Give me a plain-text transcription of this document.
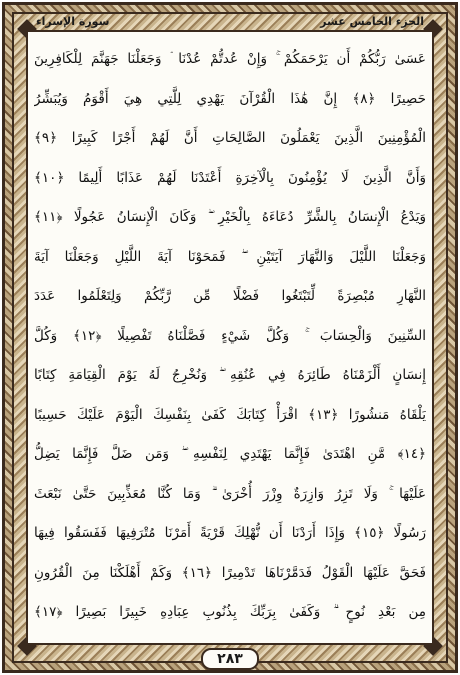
سورة الإسراء	الجزء الخامس عشر
عَسَىٰ رَبُّكُمْ أَن يَرْحَمَكُمْ ۚ وَإِنْ عُدتُّمْ عُدْنَا ۘ وَجَعَلْنَا جَهَنَّمَ لِلْكَافِرِينَ
حَصِيرًا ﴿٨﴾ إِنَّ هَٰذَا الْقُرْآنَ يَهْدِي لِلَّتِي هِيَ أَقْوَمُ وَيُبَشِّرُ
الْمُؤْمِنِينَ الَّذِينَ يَعْمَلُونَ الصَّالِحَاتِ أَنَّ لَهُمْ أَجْرًا كَبِيرًا ﴿٩﴾
وَأَنَّ الَّذِينَ لَا يُؤْمِنُونَ بِالْآخِرَةِ أَعْتَدْنَا لَهُمْ عَذَابًا أَلِيمًا ﴿١٠﴾
وَيَدْعُ الْإِنسَانُ بِالشَّرِّ دُعَاءَهُ بِالْخَيْرِ ۖ وَكَانَ الْإِنسَانُ عَجُولًا ﴿١١﴾
وَجَعَلْنَا اللَّيْلَ وَالنَّهَارَ آيَتَيْنِ ۖ فَمَحَوْنَا آيَةَ اللَّيْلِ وَجَعَلْنَا آيَةَ
النَّهَارِ مُبْصِرَةً لِّتَبْتَغُوا فَضْلًا مِّن رَّبِّكُمْ وَلِتَعْلَمُوا عَدَدَ
السِّنِينَ وَالْحِسَابَ ۚ وَكُلَّ شَيْءٍ فَصَّلْنَاهُ تَفْصِيلًا ﴿١٢﴾ وَكُلَّ
إِنسَانٍ أَلْزَمْنَاهُ طَائِرَهُ فِي عُنُقِهِ ۖ وَنُخْرِجُ لَهُ يَوْمَ الْقِيَامَةِ كِتَابًا
يَلْقَاهُ مَنشُورًا ﴿١٣﴾ اقْرَأْ كِتَابَكَ كَفَىٰ بِنَفْسِكَ الْيَوْمَ عَلَيْكَ حَسِيبًا
﴿١٤﴾ مَّنِ اهْتَدَىٰ فَإِنَّمَا يَهْتَدِي لِنَفْسِهِ ۖ وَمَن ضَلَّ فَإِنَّمَا يَضِلُّ
عَلَيْهَا ۚ وَلَا تَزِرُ وَازِرَةٌ وِزْرَ أُخْرَىٰ ۗ وَمَا كُنَّا مُعَذِّبِينَ حَتَّىٰ نَبْعَثَ
رَسُولًا ﴿١٥﴾ وَإِذَا أَرَدْنَا أَن نُّهْلِكَ قَرْيَةً أَمَرْنَا مُتْرَفِيهَا فَفَسَقُوا فِيهَا
فَحَقَّ عَلَيْهَا الْقَوْلُ فَدَمَّرْنَاهَا تَدْمِيرًا ﴿١٦﴾ وَكَمْ أَهْلَكْنَا مِنَ الْقُرُونِ
مِن بَعْدِ نُوحٍ ۗ وَكَفَىٰ بِرَبِّكَ بِذُنُوبِ عِبَادِهِ خَبِيرًا بَصِيرًا ﴿١٧﴾
٢٨٣
